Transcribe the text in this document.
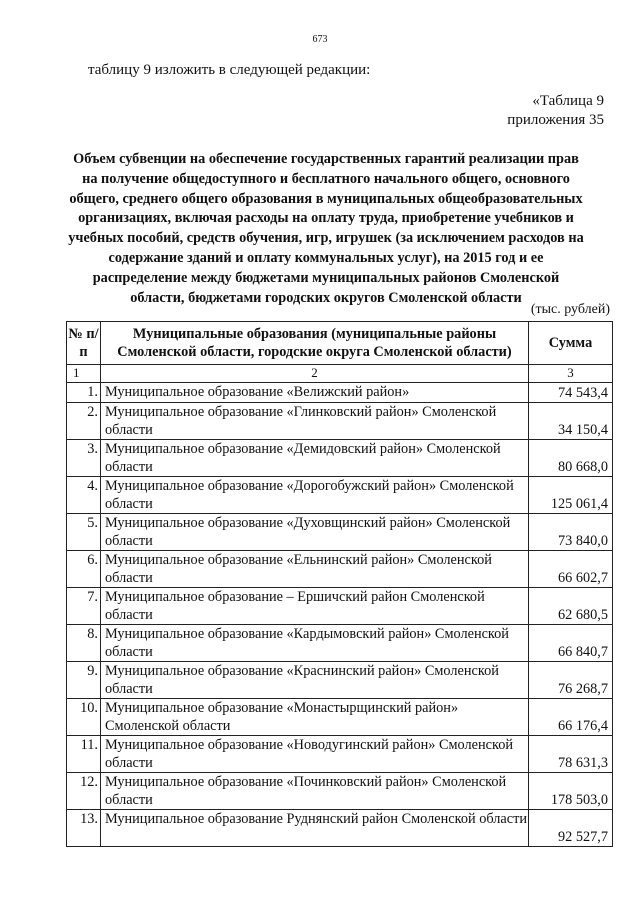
673
таблицу 9 изложить в следующей редакции:
«Таблица 9
приложения 35
Объем субвенции на обеспечение государственных гарантий реализации прав
на получение общедоступного и бесплатного начального общего, основного
общего, среднего общего образования в муниципальных общеобразовательных
организациях, включая расходы на оплату труда, приобретение учебников и
учебных пособий, средств обучения, игр, игрушек (за исключением расходов на
содержание зданий и оплату коммунальных услуг), на 2015 год и ее
распределение между бюджетами муниципальных районов Смоленской
области, бюджетами городских округов Смоленской области
(тыс. рублей)
№ п/п	Муниципальные образования (муниципальные районы Смоленской области, городские округа Смоленской области)	Сумма
1	2	3
1.	Муниципальное образование «Велижский район»	74 543,4
2.	Муниципальное образование «Глинковский район» Смоленской области	34 150,4
3.	Муниципальное образование «Демидовский район» Смоленской области	80 668,0
4.	Муниципальное образование «Дорогобужский район» Смоленской области	125 061,4
5.	Муниципальное образование «Духовщинский район» Смоленской области	73 840,0
6.	Муниципальное образование «Ельнинский район» Смоленской области	66 602,7
7.	Муниципальное образование – Ершичский район Смоленской области	62 680,5
8.	Муниципальное образование «Кардымовский район» Смоленской области	66 840,7
9.	Муниципальное образование «Краснинский район» Смоленской области	76 268,7
10.	Муниципальное образование «Монастырщинский район» Смоленской области	66 176,4
11.	Муниципальное образование «Новодугинский район» Смоленской области	78 631,3
12.	Муниципальное образование «Починковский район» Смоленской области	178 503,0
13.	Муниципальное образование Руднянский район Смоленской области	92 527,7
